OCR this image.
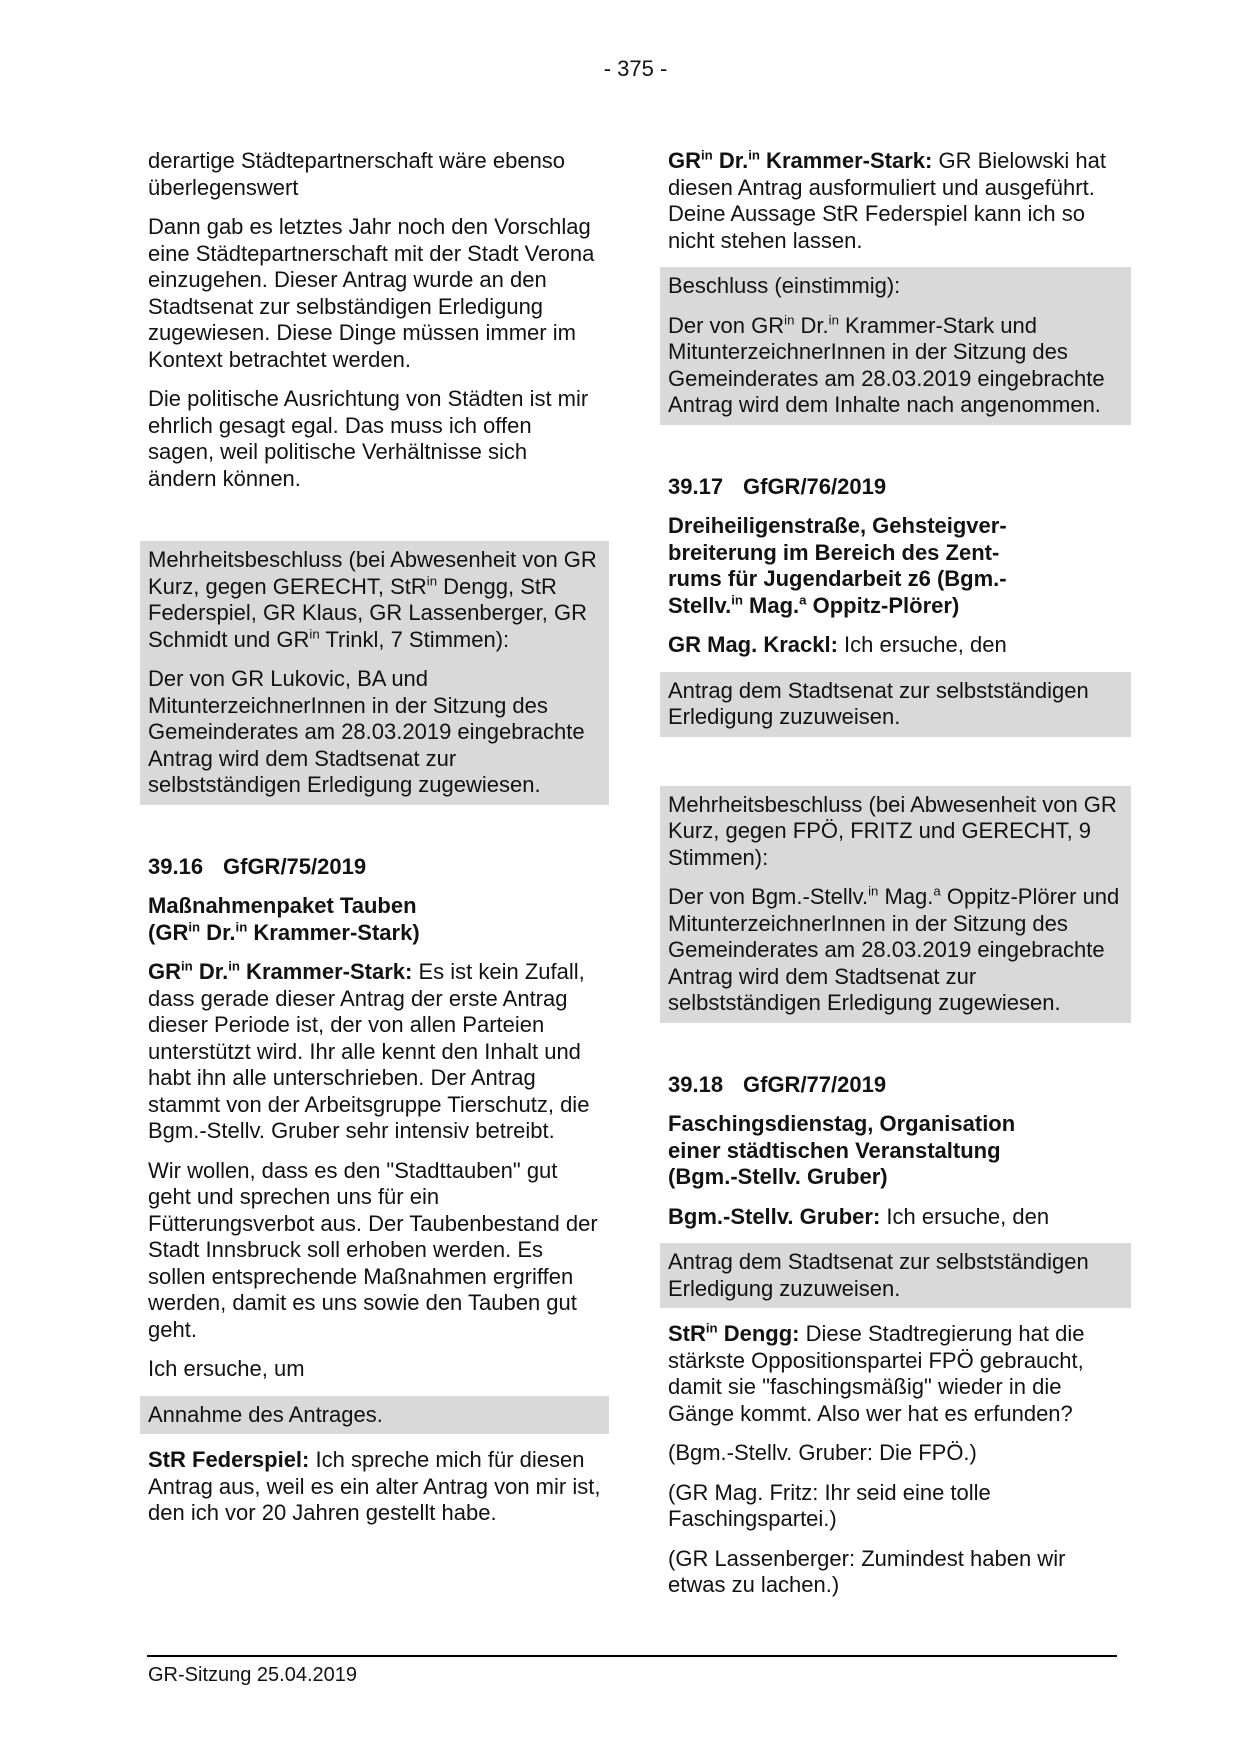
- 375 -

derartige Städtepartnerschaft wäre ebenso überlegenswert

Dann gab es letztes Jahr noch den Vorschlag eine Städtepartnerschaft mit der Stadt Verona einzugehen. Dieser Antrag wurde an den Stadtsenat zur selbständigen Erledigung zugewiesen. Diese Dinge müssen immer im Kontext betrachtet werden.

Die politische Ausrichtung von Städten ist mir ehrlich gesagt egal. Das muss ich offen sagen, weil politische Verhältnisse sich ändern können.

Mehrheitsbeschluss (bei Abwesenheit von GR Kurz, gegen GERECHT, StR$^{in}$ Dengg, StR Federspiel, GR Klaus, GR Lassenberger, GR Schmidt und $GR^{in}$ Trinkl, 7 Stimmen):

Der von GR Lukovic, BA und MitunterzeichnerInnen in der Sitzung des Gemeinderates am 28.03.2019 eingebrachte Antrag wird dem Stadtsenat zur selbstständigen Erledigung zugewiesen.

39.16 GfGR/75/2019

Maßnahmenpaket Tauben
($GR^{in}$ Dr.$^{in}$ Krammer-Stark)

$GR^{in}$ Dr.$^{in}$ Krammer-Stark: Es ist kein Zufall, dass gerade dieser Antrag der erste Antrag dieser Periode ist, der von allen Parteien unterstützt wird. Ihr alle kennt den Inhalt und habt ihn alle unterschrieben. Der Antrag stammt von der Arbeitsgruppe Tierschutz, die Bgm.-Stellv. Gruber sehr intensiv betreibt.

Wir wollen, dass es den "Stadttauben" gut geht und sprechen uns für ein Fütterungsverbot aus. Der Taubenbestand der Stadt Innsbruck soll erhoben werden. Es sollen entsprechende Maßnahmen ergriffen werden, damit es uns sowie den Tauben gut geht.

Ich ersuche, um

Annahme des Antrages.

StR Federspiel: Ich spreche mich für diesen Antrag aus, weil es ein alter Antrag von mir ist, den ich vor 20 Jahren gestellt habe.

$GR^{in}$ Dr.$^{in}$ Krammer-Stark: GR Bielowski hat diesen Antrag ausformuliert und ausgeführt. Deine Aussage StR Federspiel kann ich so nicht stehen lassen.

Beschluss (einstimmig):

Der von $GR^{in}$ Dr.$^{in}$ Krammer-Stark und MitunterzeichnerInnen in der Sitzung des Gemeinderates am 28.03.2019 eingebrachte Antrag wird dem Inhalte nach angenommen.

39.17 GfGR/76/2019

Dreiheiligenstraße, Gehsteigver-
breiterung im Bereich des Zent-
rums für Jugendarbeit z6 (Bgm.-
Stellv.$^{in}$ Mag.$^a$ Oppitz-Plörer)

GR Mag. Krackl: Ich ersuche, den

Antrag dem Stadtsenat zur selbstständigen Erledigung zuzuweisen.

Mehrheitsbeschluss (bei Abwesenheit von GR Kurz, gegen FPÖ, FRITZ und GERECHT, 9 Stimmen):

Der von Bgm.-Stellv.$^{in}$ Mag.$^a$ Oppitz-Plörer und MitunterzeichnerInnen in der Sitzung des Gemeinderates am 28.03.2019 eingebrachte Antrag wird dem Stadtsenat zur selbstständigen Erledigung zugewiesen.

39.18 GfGR/77/2019

Faschingsdienstag, Organisation
einer städtischen Veranstaltung
(Bgm.-Stellv. Gruber)

Bgm.-Stellv. Gruber: Ich ersuche, den

Antrag dem Stadtsenat zur selbstständigen Erledigung zuzuweisen.

StR$^{in}$ Dengg: Diese Stadtregierung hat die stärkste Oppositionspartei FPÖ gebraucht, damit sie "faschingsmäßig" wieder in die Gänge kommt. Also wer hat es erfunden?

(Bgm.-Stellv. Gruber: Die FPÖ.)

(GR Mag. Fritz: Ihr seid eine tolle Faschingspartei.)

(GR Lassenberger: Zumindest haben wir etwas zu lachen.)

GR-Sitzung 25.04.2019
